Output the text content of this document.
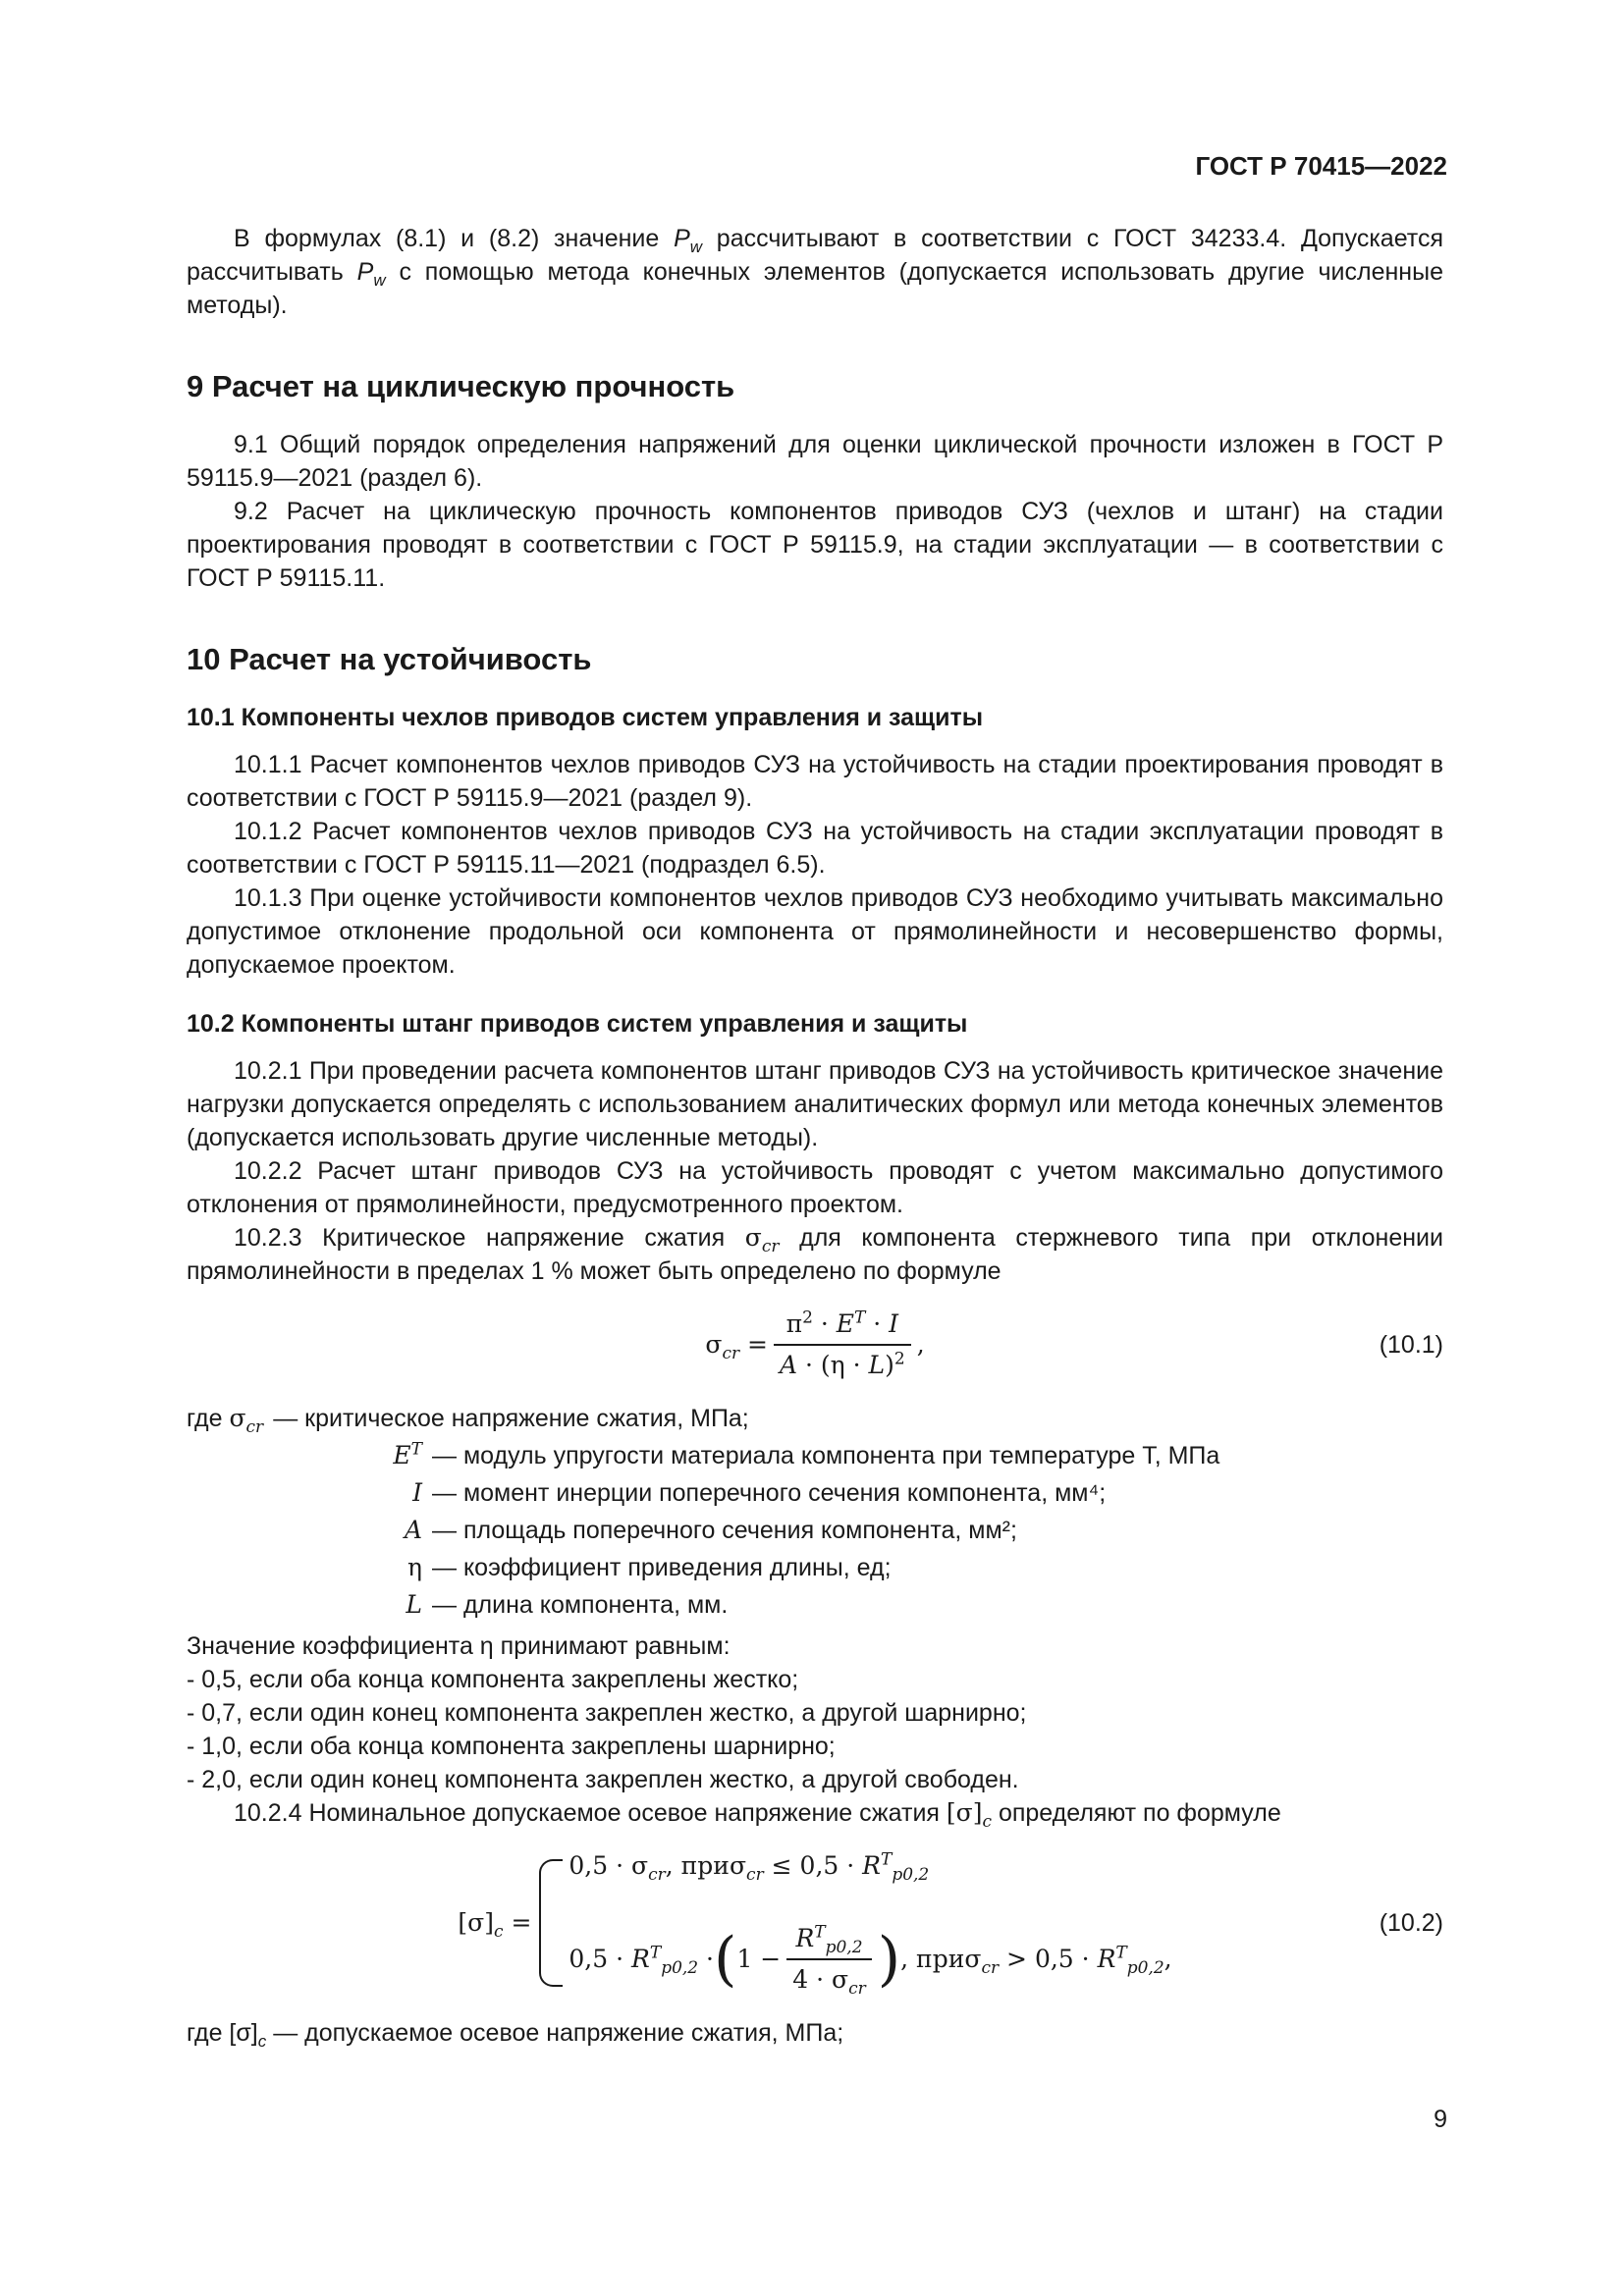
ГОСТ Р 70415—2022

В формулах (8.1) и (8.2) значение $P_w$ рассчитывают в соответствии с ГОСТ 34233.4. Допускается рассчитывать $P_w$ с помощью метода конечных элементов (допускается использовать другие численные методы).

9 Расчет на циклическую прочность

9.1 Общий порядок определения напряжений для оценки циклической прочности изложен в ГОСТ Р 59115.9—2021 (раздел 6).

9.2 Расчет на циклическую прочность компонентов приводов СУЗ (чехлов и штанг) на стадии проектирования проводят в соответствии с ГОСТ Р 59115.9, на стадии эксплуатации — в соответствии с ГОСТ Р 59115.11.

10 Расчет на устойчивость
10.1 Компоненты чехлов приводов систем управления и защиты

10.1.1 Расчет компонентов чехлов приводов СУЗ на устойчивость на стадии проектирования проводят в соответствии с ГОСТ Р 59115.9—2021 (раздел 9).

10.1.2 Расчет компонентов чехлов приводов СУЗ на устойчивость на стадии эксплуатации проводят в соответствии с ГОСТ Р 59115.11—2021 (подраздел 6.5).

10.1.3 При оценке устойчивости компонентов чехлов приводов СУЗ необходимо учитывать максимально допустимое отклонение продольной оси компонента от прямолинейности и несовершенство формы, допускаемое проектом.

10.2 Компоненты штанг приводов систем управления и защиты

10.2.1 При проведении расчета компонентов штанг приводов СУЗ на устойчивость критическое значение нагрузки допускается определять с использованием аналитических формул или метода конечных элементов (допускается использовать другие численные методы).

10.2.2 Расчет штанг приводов СУЗ на устойчивость проводят с учетом максимально допустимого отклонения от прямолинейности, предусмотренного проектом.

10.2.3 Критическое напряжение сжатия $\sigma_{cr}$ для компонента стержневого типа при отклонении прямолинейности в пределах 1 % может быть определено по формуле

$\sigma_{cr} = \frac{\pi^2 \cdot E^T \cdot I}{A \cdot (\eta \cdot L)^2}$ ,	(10.1)
где $\sigma_{cr}$ — критическое напряжение сжатия, МПа;
$E^T$ — модуль упругости материала компонента при температуре T, МПа
I — момент инерции поперечного сечения компонента, мм⁴;
A — площадь поперечного сечения компонента, мм²;
η — коэффициент приведения длины, ед;
L — длина компонента, мм.

Значение коэффициента η принимают равным:

- 0,5, если оба конца компонента закреплены жестко;

- 0,7, если один конец компонента закреплен жестко, а другой шарнирно;

- 1,0, если оба конца компонента закреплены шарнирно;

- 2,0, если один конец компонента закреплен жестко, а другой свободен.

10.2.4 Номинальное допускаемое осевое напряжение сжатия $[\sigma]_c$ определяют по формуле

$[\sigma]_c$ =
$0,5 \cdot \sigma_{cr}$ , при $\sigma_{cr} \le 0,5 \cdot R^T_{p0,2}$
$0,5 \cdot R^T_{p0,2}$ · ( $1 - \frac{R^T_{p0,2}}{4 \cdot \sigma_{cr}}$ ) , при $\sigma_{cr} > 0,5 \cdot R^T_{p0,2}$ ,
(10.2)

где $[\sigma]_c$ — допускаемое осевое напряжение сжатия, МПа;

9
